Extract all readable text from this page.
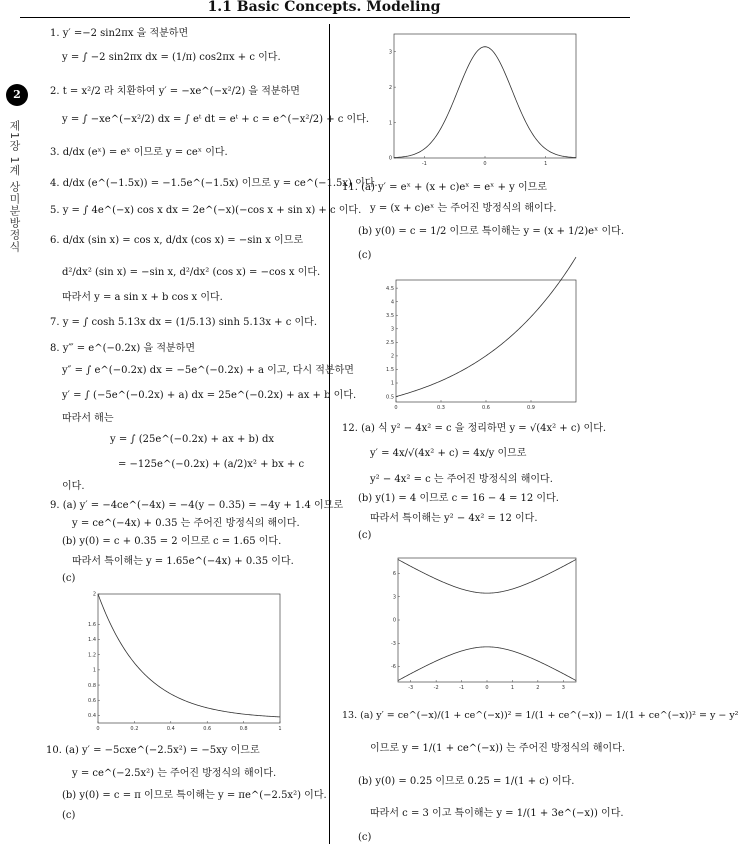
1.1 Basic Concepts. Modeling
2
제1장 1계 상미분방정식
1. y′ =−2 sin2πx 을 적분하면
y = ∫ −2 sin2πx dx = (1/π) cos2πx + c 이다.
2. t = x²/2 라 치환하여 y′ = −xe^(−x²/2) 을 적분하면
y = ∫ −xe^(−x²/2) dx = ∫ eᵗ dt = eᵗ + c = e^(−x²/2) + c 이다.
3. d/dx (eˣ) = eˣ 이므로 y = ceˣ 이다.
4. d/dx (e^(−1.5x)) = −1.5e^(−1.5x) 이므로 y = ce^(−1.5x) 이다.
5. y = ∫ 4e^(−x) cos x dx = 2e^(−x)(−cos x + sin x) + c 이다.
6. d/dx (sin x) = cos x, d/dx (cos x) = −sin x 이므로
d²/dx² (sin x) = −sin x, d²/dx² (cos x) = −cos x 이다.
따라서 y = a sin x + b cos x 이다.
7. y = ∫ cosh 5.13x dx = (1/5.13) sinh 5.13x + c 이다.
8. y‴ = e^(−0.2x) 을 적분하면
y″ = ∫ e^(−0.2x) dx = −5e^(−0.2x) + a 이고, 다시 적분하면
y′ = ∫ (−5e^(−0.2x) + a) dx = 25e^(−0.2x) + ax + b 이다.
따라서 해는
y = ∫ (25e^(−0.2x) + ax + b) dx
= −125e^(−0.2x) + (a/2)x² + bx + c
이다.
9. (a) y′ = −4ce^(−4x) = −4(y − 0.35) = −4y + 1.4 이므로
y = ce^(−4x) + 0.35 는 주어진 방정식의 해이다.
(b) y(0) = c + 0.35 = 2 이므로 c = 1.65 이다.
따라서 특이해는 y = 1.65e^(−4x) + 0.35 이다.
(c)
0	0.2	0.4	0.6	0.8	1
0.4
0.6
0.8
1
1.2
1.4
1.6
2
10. (a) y′ = −5cxe^(−2.5x²) = −5xy 이므로
y = ce^(−2.5x²) 는 주어진 방정식의 해이다.
(b) y(0) = c = π 이므로 특이해는 y = πe^(−2.5x²) 이다.
(c)
-1	0	1
0
1
2
3
11. (a) y′ = eˣ + (x + c)eˣ = eˣ + y 이므로
y = (x + c)eˣ 는 주어진 방정식의 해이다.
(b) y(0) = c = 1/2 이므로 특이해는 y = (x + 1/2)eˣ 이다.
(c)
0	0.3	0.6	0.9
0.5
1
1.5
2
2.5
3
3.5
4
4.5
12. (a) 식 y² − 4x² = c 을 정리하면 y = √(4x² + c) 이다.
y′ = 4x/√(4x² + c) = 4x/y 이므로
y² − 4x² = c 는 주어진 방정식의 해이다.
(b) y(1) = 4 이므로 c = 16 − 4 = 12 이다.
따라서 특이해는 y² − 4x² = 12 이다.
(c)
-3	-2	-1	0	1	2	3
6
3
0
-3
-6
13. (a) y′ = ce^(−x)/(1 + ce^(−x))² = 1/(1 + ce^(−x)) − 1/(1 + ce^(−x))² = y − y²
이므로 y = 1/(1 + ce^(−x)) 는 주어진 방정식의 해이다.
(b) y(0) = 0.25 이므로 0.25 = 1/(1 + c) 이다.
따라서 c = 3 이고 특이해는 y = 1/(1 + 3e^(−x)) 이다.
(c)
